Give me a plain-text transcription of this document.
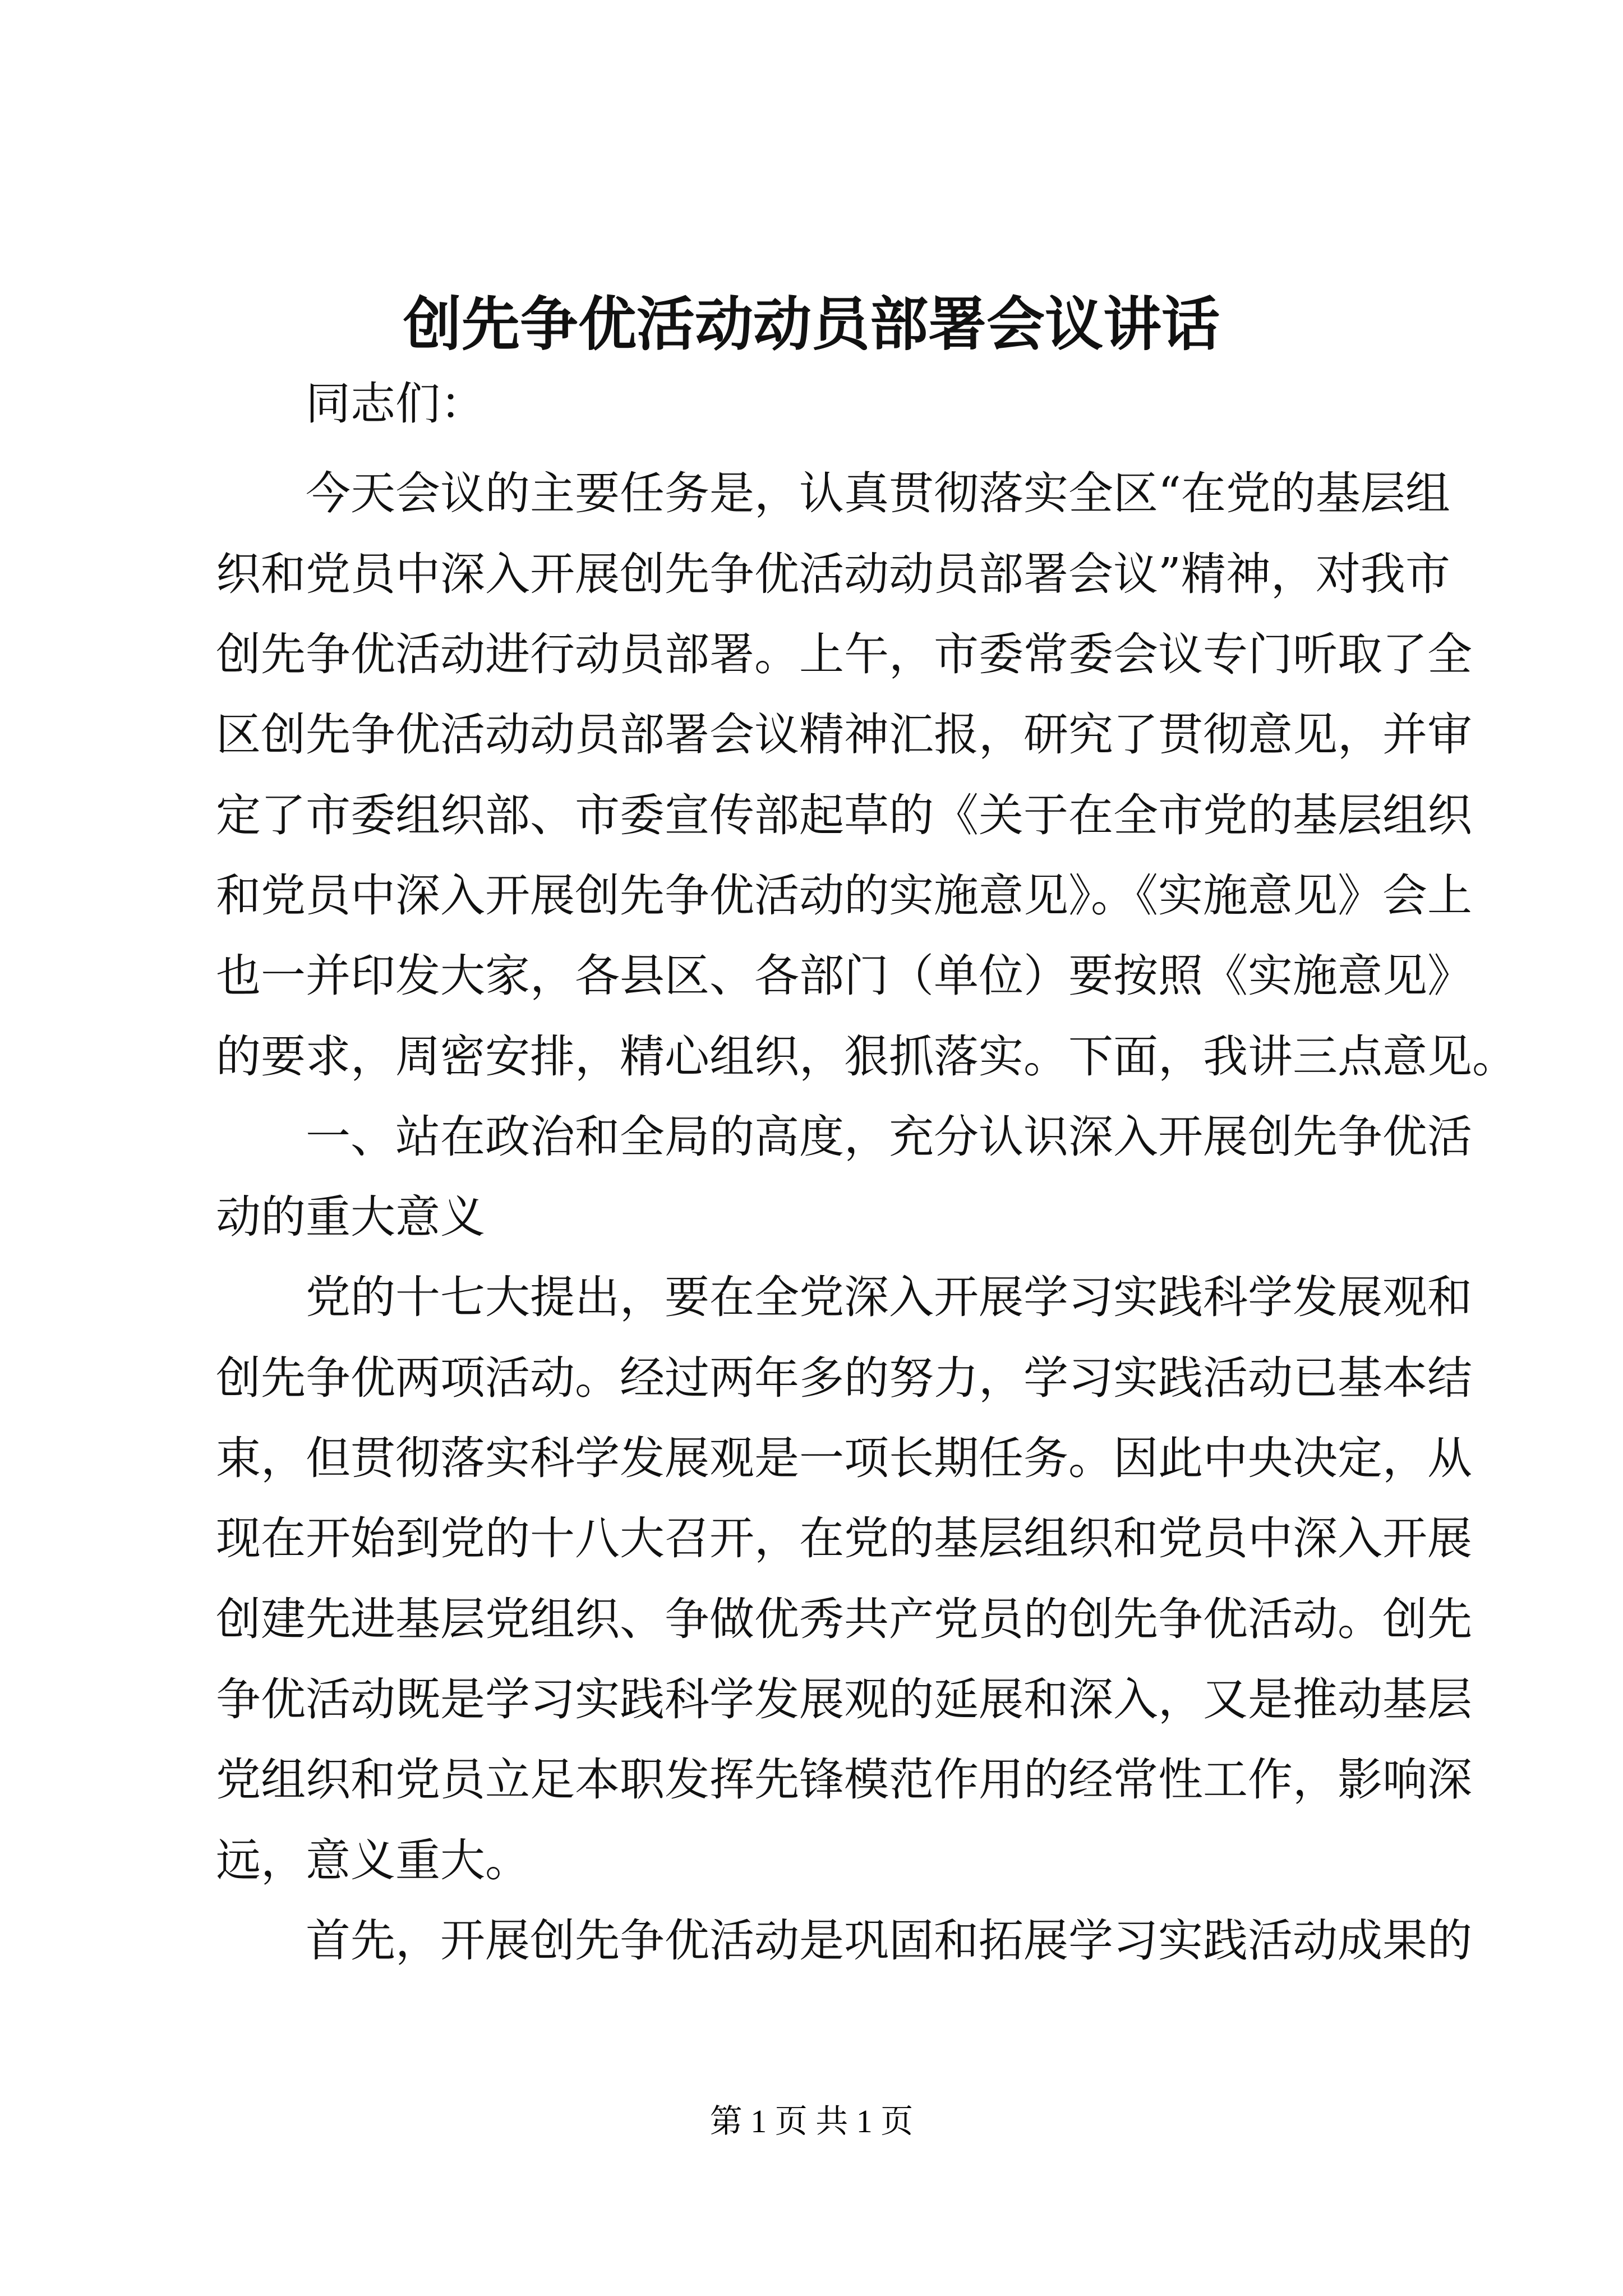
创先争优活动动员部署会议讲话
同志们：
今天会议的主要任务是，认真贯彻落实全区“在党的基层组
织和党员中深入开展创先争优活动动员部署会议”精神，对我市
创先争优活动进行动员部署。上午，市委常委会议专门听取了全
区创先争优活动动员部署会议精神汇报，研究了贯彻意见，并审
定了市委组织部、市委宣传部起草的《关于在全市党的基层组织
和党员中深入开展创先争优活动的实施意见》。《实施意见》会上
也一并印发大家，各县区、各部门（单位）要按照《实施意见》
的要求，周密安排，精心组织，狠抓落实。下面，我讲三点意见。
一、站在政治和全局的高度，充分认识深入开展创先争优活
动的重大意义
党的十七大提出，要在全党深入开展学习实践科学发展观和
创先争优两项活动。经过两年多的努力，学习实践活动已基本结
束，但贯彻落实科学发展观是一项长期任务。因此中央决定，从
现在开始到党的十八大召开，在党的基层组织和党员中深入开展
创建先进基层党组织、争做优秀共产党员的创先争优活动。创先
争优活动既是学习实践科学发展观的延展和深入，又是推动基层
党组织和党员立足本职发挥先锋模范作用的经常性工作，影响深
远，意义重大。
首先，开展创先争优活动是巩固和拓展学习实践活动成果的
第 1 页 共 1 页
